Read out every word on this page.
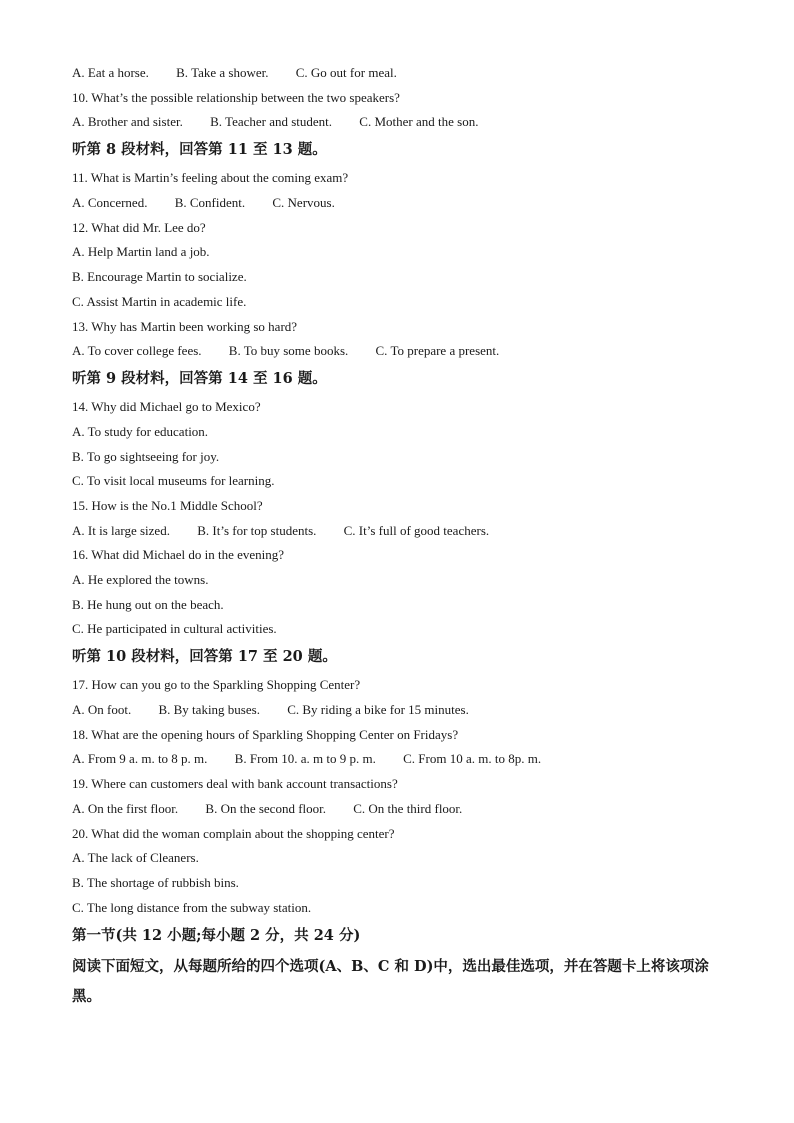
A. Eat a horse. B. Take a shower. C. Go out for meal.
10. What’s the possible relationship between the two speakers?
A. Brother and sister. B. Teacher and student. C. Mother and the son.
听第 8 段材料，回答第 11 至 13 题。
11. What is Martin’s feeling about the coming exam?
A. Concerned. B. Confident. C. Nervous.
12. What did Mr. Lee do?
A. Help Martin land a job.
B. Encourage Martin to socialize.
C. Assist Martin in academic life.
13. Why has Martin been working so hard?
A. To cover college fees. B. To buy some books. C. To prepare a present.
听第 9 段材料，回答第 14 至 16 题。
14. Why did Michael go to Mexico?
A. To study for education.
B. To go sightseeing for joy.
C. To visit local museums for learning.
15. How is the No.1 Middle School?
A. It is large sized. B. It’s for top students. C. It’s full of good teachers.
16. What did Michael do in the evening?
A. He explored the towns.
B. He hung out on the beach.
C. He participated in cultural activities.
听第 10 段材料，回答第 17 至 20 题。
17. How can you go to the Sparkling Shopping Center?
A. On foot. B. By taking buses. C. By riding a bike for 15 minutes.
18. What are the opening hours of Sparkling Shopping Center on Fridays?
A. From 9 a. m. to 8 p. m. B. From 10. a. m to 9 p. m. C. From 10 a. m. to 8p. m.
19. Where can customers deal with bank account transactions?
A. On the first floor. B. On the second floor. C. On the third floor.
20. What did the woman complain about the shopping center?
A. The lack of Cleaners.
B. The shortage of rubbish bins.
C. The long distance from the subway station.
第一节(共 12 小题;每小题 2 分，共 24 分)
阅读下面短文，从每题所给的四个选项(A、B、C 和 D)中，选出最佳选项，并在答题卡上将该项涂黑。
